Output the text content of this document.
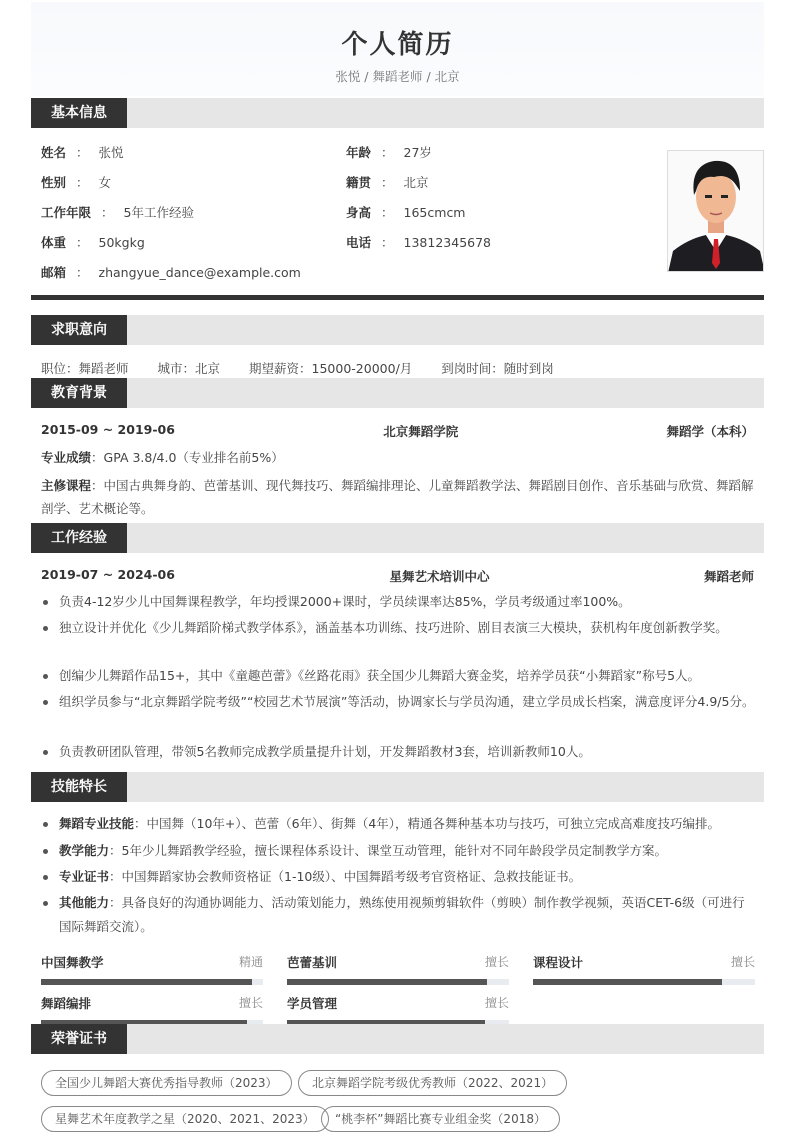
个人简历
张悦 / 舞蹈老师 / 北京
基本信息
姓名 ： 张悦	年龄 ： 27岁
性别 ： 女	籍贯 ： 北京
工作年限 ： 5年工作经验	身高 ： 165cmcm
体重 ： 50kgkg	电话 ： 13812345678
邮箱 ： zhangyue_dance@example.com
求职意向
职位：舞蹈老师 城市：北京 期望薪资：15000-20000/月 到岗时间：随时到岗
教育背景
2015-09 ~ 2019-06	北京舞蹈学院	舞蹈学（本科）
专业成绩：GPA 3.8/4.0（专业排名前5%）
主修课程：中国古典舞身韵、芭蕾基训、现代舞技巧、舞蹈编排理论、儿童舞蹈教学法、舞蹈剧目创作、音乐基础与欣赏、舞蹈解剖学、艺术概论等。
工作经验
2019-07 ~ 2024-06	星舞艺术培训中心	舞蹈老师
负责4-12岁少儿中国舞课程教学，年均授课2000+课时，学员续课率达85%，学员考级通过率100%。
独立设计并优化《少儿舞蹈阶梯式教学体系》，涵盖基本功训练、技巧进阶、剧目表演三大模块，获机构年度创新教学奖。
创编少儿舞蹈作品15+，其中《童趣芭蕾》《丝路花雨》获全国少儿舞蹈大赛金奖，培养学员获“小舞蹈家”称号5人。
组织学员参与“北京舞蹈学院考级”“校园艺术节展演”等活动，协调家长与学员沟通，建立学员成长档案，满意度评分4.9/5分。
负责教研团队管理，带领5名教师完成教学质量提升计划，开发舞蹈教材3套，培训新教师10人。
技能特长
舞蹈专业技能：中国舞（10年+）、芭蕾（6年）、街舞（4年），精通各舞种基本功与技巧，可独立完成高难度技巧编排。
教学能力：5年少儿舞蹈教学经验，擅长课程体系设计、课堂互动管理，能针对不同年龄段学员定制教学方案。
专业证书：中国舞蹈家协会教师资格证（1-10级）、中国舞蹈考级考官资格证、急救技能证书。
其他能力：具备良好的沟通协调能力、活动策划能力，熟练使用视频剪辑软件（剪映）制作教学视频，英语CET-6级（可进行国际舞蹈交流）。
中国舞教学	精通 芭蕾基训	擅长 课程设计	擅长
舞蹈编排	擅长 学员管理	擅长
荣誉证书
全国少儿舞蹈大赛优秀指导教师（2023）	北京舞蹈学院考级优秀教师（2022、2021）
星舞艺术年度教学之星（2020、2021、2023）	“桃李杯”舞蹈比赛专业组金奖（2018）
